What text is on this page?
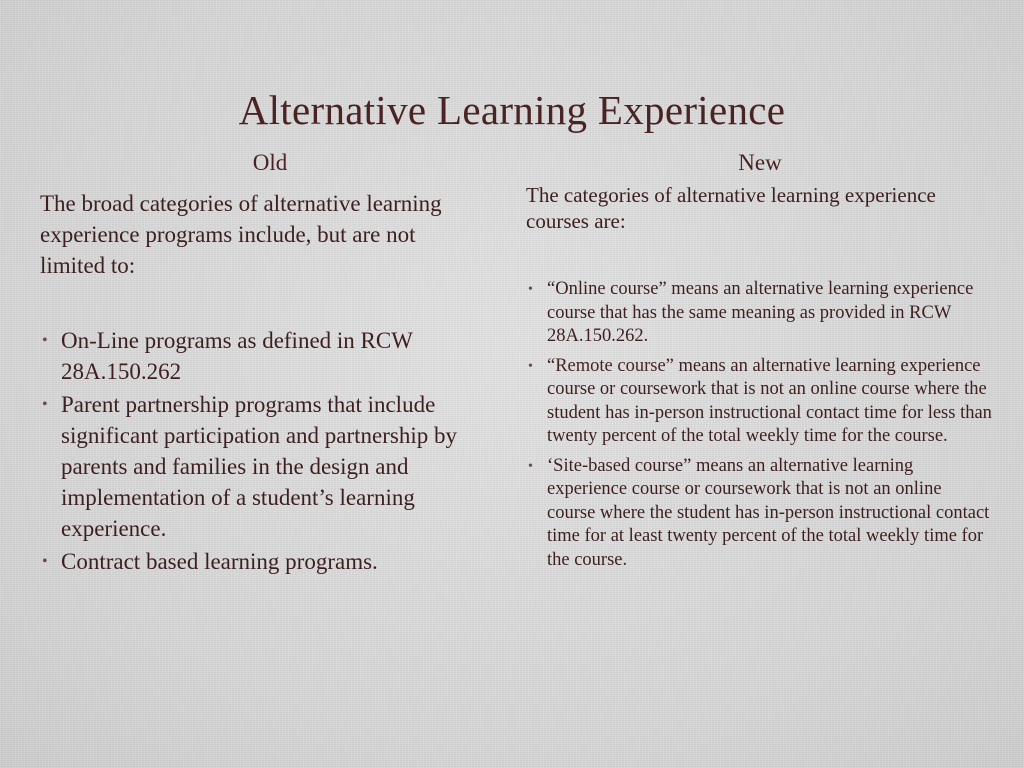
Alternative Learning Experience
Old
The broad categories of alternative learning experience programs include, but are not limited to:
• On-Line programs as defined in RCW 28A.150.262
• Parent partnership programs that include significant participation and partnership by parents and families in the design and implementation of a student’s learning experience.
• Contract based learning programs.
New
The categories of alternative learning experience courses are:
• “Online course” means an alternative learning experience course that has the same meaning as provided in RCW 28A.150.262.
• “Remote course” means an alternative learning experience course or coursework that is not an online course where the student has in-person instructional contact time for less than twenty percent of the total weekly time for the course.
• ‘Site-based course” means an alternative learning experience course or coursework that is not an online course where the student has in-person instructional contact time for at least twenty percent of the total weekly time for the course.
